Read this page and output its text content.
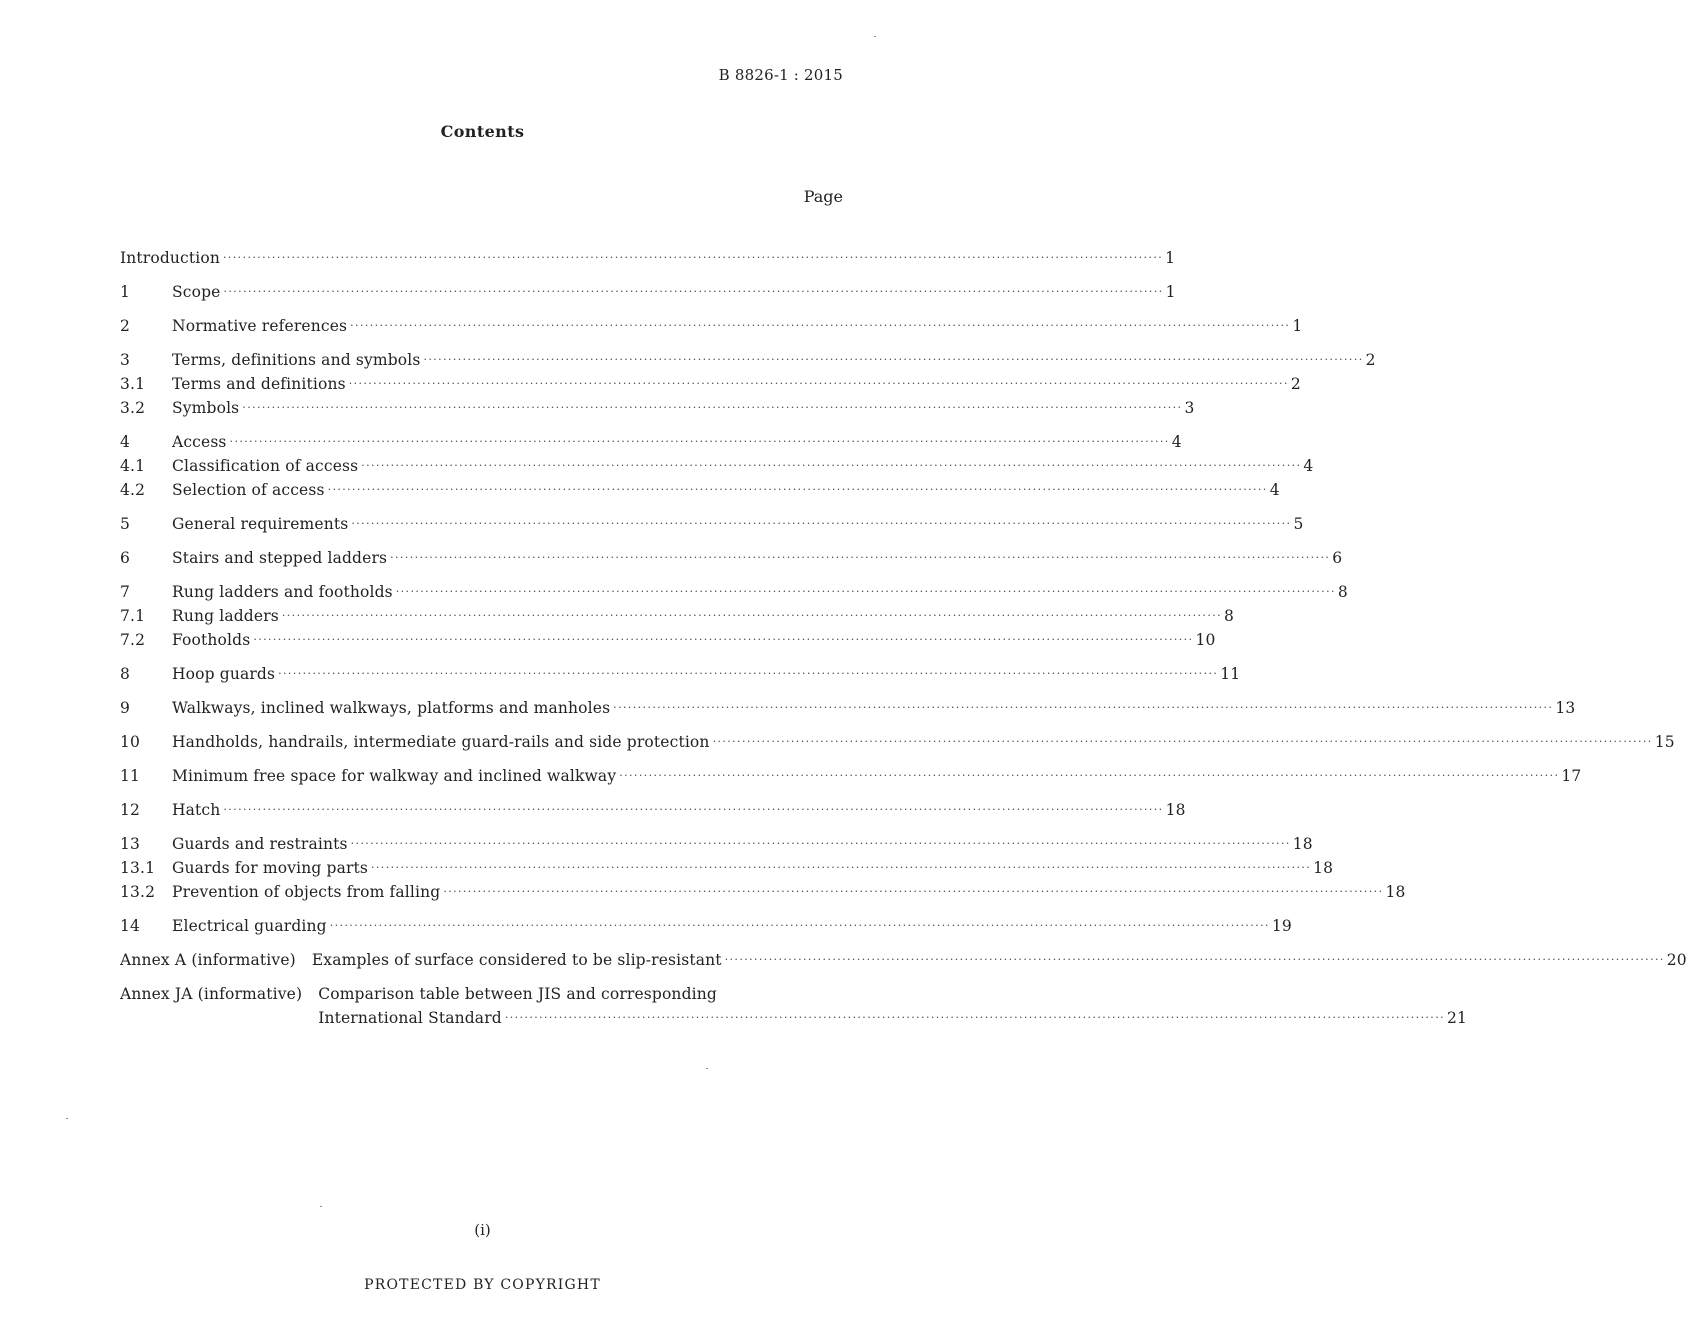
B 8826-1 : 2015
Contents
Page
Introduction ·····	1
1	Scope ·····	1
2	Normative references ·····	1
3	Terms, definitions and symbols ·····	2
3.1	Terms and definitions ·····	2
3.2	Symbols ·····	3
4	Access ·····	4
4.1	Classification of access ·····	4
4.2	Selection of access ·····	4
5	General requirements ·····	5
6	Stairs and stepped ladders ·····	6
7	Rung ladders and footholds ·····	8
7.1	Rung ladders ·····	8
7.2	Footholds ·····	10
8	Hoop guards ·····	11
9	Walkways, inclined walkways, platforms and manholes ·····	13
10	Handholds, handrails, intermediate guard-rails and side protection ·····	15
11	Minimum free space for walkway and inclined walkway ·····	17
12	Hatch ·····	18
13	Guards and restraints ·····	18
13.1	Guards for moving parts ·····	18
13.2	Prevention of objects from falling ·····	18
14	Electrical guarding ·····	19
Annex A (informative) Examples of surface considered to be slip-resistant ·····	20
Annex JA (informative) Comparison table between JIS and corresponding
International Standard ·····	21
(i)
PROTECTED BY COPYRIGHT
